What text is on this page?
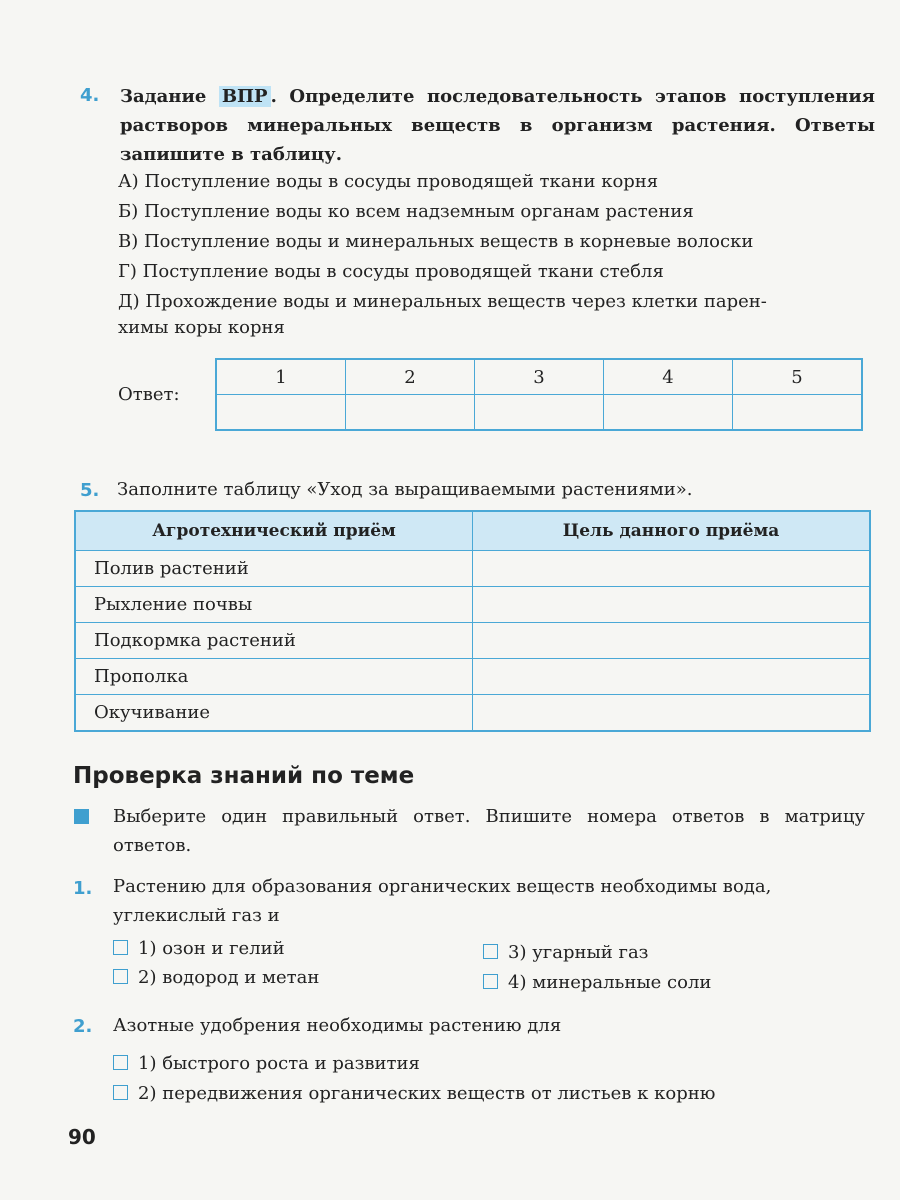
4. Задание ВПР . Определите последовательность этапов поступления растворов минеральных веществ в организм растения. Ответы запишите в таблицу.
А) Поступление воды в сосуды проводящей ткани корня
Б) Поступление воды ко всем надземным органам растения
В) Поступление воды и минеральных веществ в корневые волоски
Г) Поступление воды в сосуды проводящей ткани стебля
Д) Прохождение воды и минеральных веществ через клетки парен-
химы коры корня
Ответ:
1	2	3	4	5

5. Заполните таблицу «Уход за выращиваемыми растениями».
Агротехнический приём	Цель данного приёма
Полив растений	
Рыхление почвы	
Подкормка растений	
Прополка	
Окучивание	
Проверка знаний по теме
Выберите один правильный ответ. Впишите номера ответов в матрицу ответов.
1. Растению для образования органических веществ необходимы вода, углекислый газ и
1) озон и гелий
2) водород и метан
3) угарный газ
4) минеральные соли
2. Азотные удобрения необходимы растению для
1) быстрого роста и развития
2) передвижения органических веществ от листьев к корню
90
